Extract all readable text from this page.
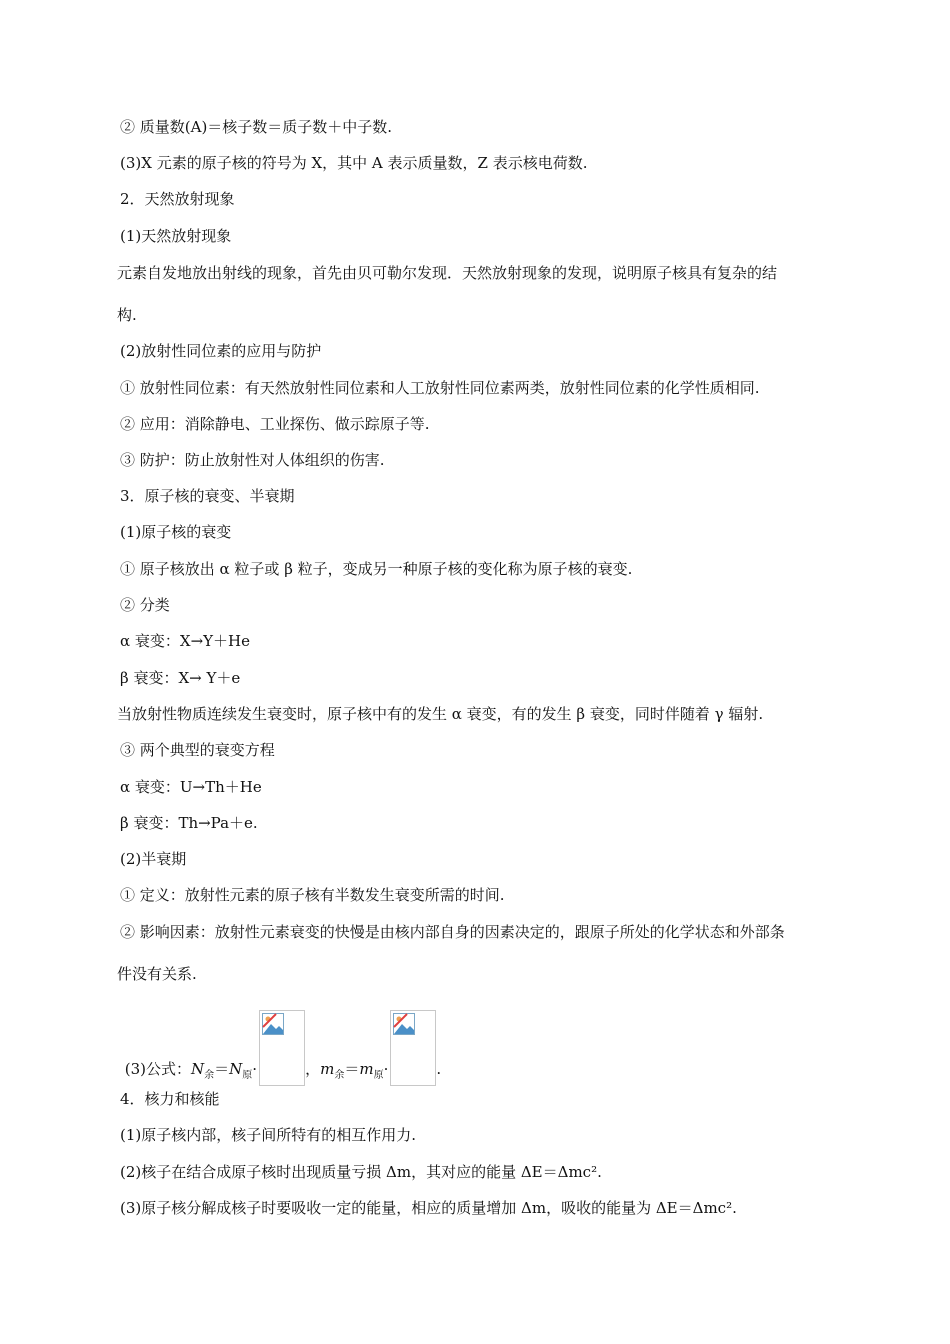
② 质量数(A)＝核子数＝质子数＋中子数.
(3)X 元素的原子核的符号为 X，其中 A 表示质量数，Z 表示核电荷数.
2．天然放射现象
(1)天然放射现象
元素自发地放出射线的现象，首先由贝可勒尔发现．天然放射现象的发现，说明原子核具有复杂的结
构.
(2)放射性同位素的应用与防护
① 放射性同位素：有天然放射性同位素和人工放射性同位素两类，放射性同位素的化学性质相同.
② 应用：消除静电、工业探伤、做示踪原子等.
③ 防护：防止放射性对人体组织的伤害.
3．原子核的衰变、半衰期
(1)原子核的衰变
① 原子核放出 α 粒子或 β 粒子，变成另一种原子核的变化称为原子核的衰变.
② 分类
α 衰变：X→Y＋He
β 衰变：X→ Y＋e
当放射性物质连续发生衰变时，原子核中有的发生 α 衰变，有的发生 β 衰变，同时伴随着 γ 辐射.
③ 两个典型的衰变方程
α 衰变：U→Th＋He
β 衰变：Th→Pa＋e.
(2)半衰期
① 定义：放射性元素的原子核有半数发生衰变所需的时间.
② 影响因素：放射性元素衰变的快慢是由核内部自身的因素决定的，跟原子所处的化学状态和外部条
件没有关系.
(3)公式：$N_余=N_原\cdot$	，$m_余=m_原\cdot$	.
4．核力和核能
(1)原子核内部，核子间所特有的相互作用力.
(2)核子在结合成原子核时出现质量亏损 Δm，其对应的能量 ΔE＝Δmc².
(3)原子核分解成核子时要吸收一定的能量，相应的质量增加 Δm，吸收的能量为 ΔE＝Δmc².
